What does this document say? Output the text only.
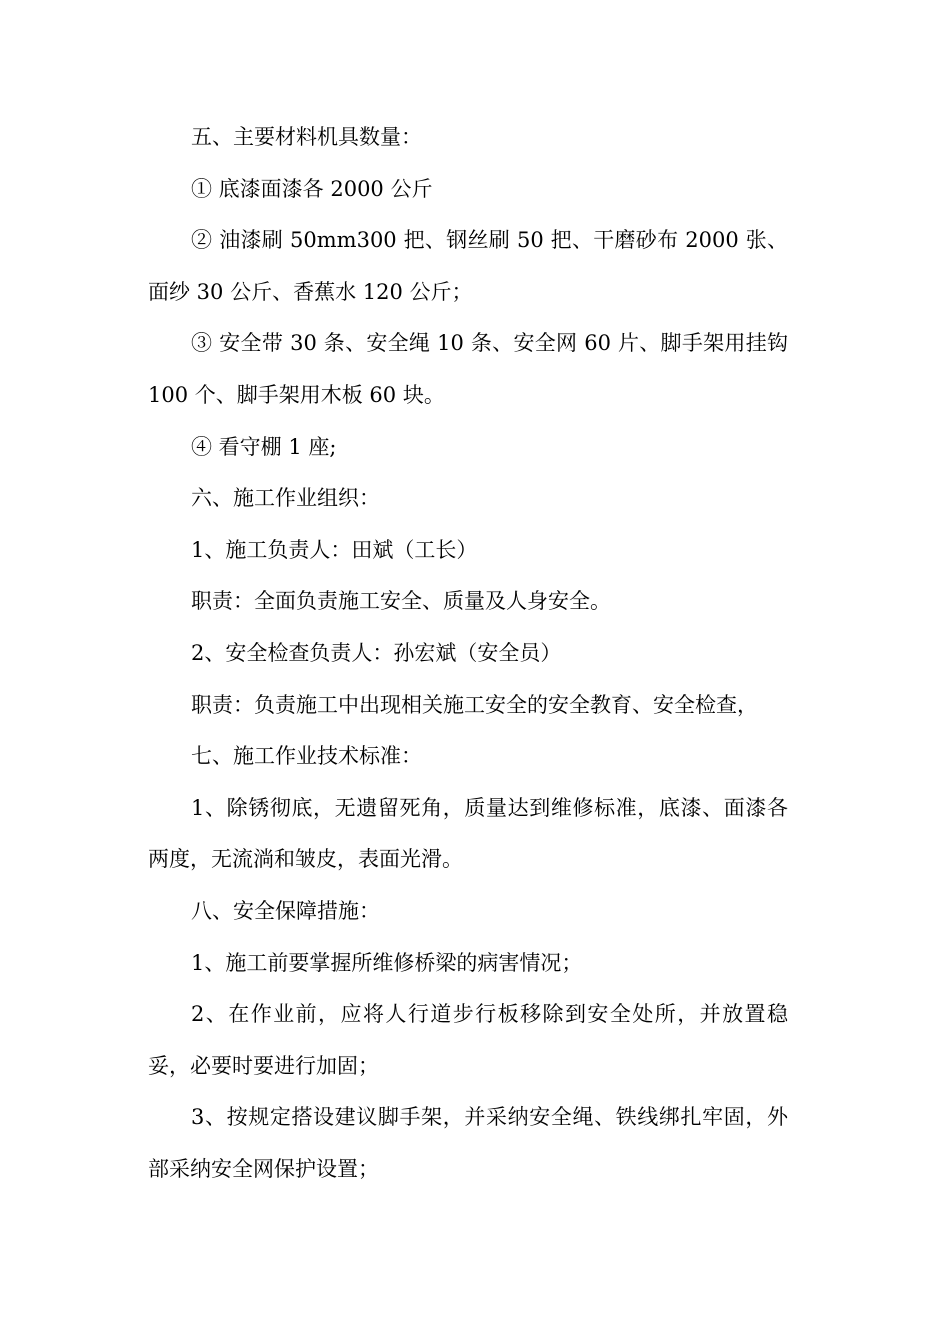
五、主要材料机具数量：

① 底漆面漆各 2000 公斤

② 油漆刷 50mm300 把、钢丝刷 50 把、干磨砂布 2000 张、面纱 30 公斤、香蕉水 120 公斤；

③ 安全带 30 条、安全绳 10 条、安全网 60 片、脚手架用挂钩 100 个、脚手架用木板 60 块。

④ 看守棚 1 座;

六、施工作业组织：

1、施工负责人：田斌（工长）

职责：全面负责施工安全、质量及人身安全。

2、安全检查负责人：孙宏斌（安全员）

职责：负责施工中出现相关施工安全的安全教育、安全检查，

七、施工作业技术标准：

1、除锈彻底，无遗留死角，质量达到维修标准，底漆、面漆各两度，无流淌和皱皮，表面光滑。

八、安全保障措施：

1、施工前要掌握所维修桥梁的病害情况；

2、在作业前，应将人行道步行板移除到安全处所，并放置稳妥，必要时要进行加固；

3、按规定搭设建议脚手架，并采纳安全绳、铁线绑扎牢固，外部采纳安全网保护设置；
